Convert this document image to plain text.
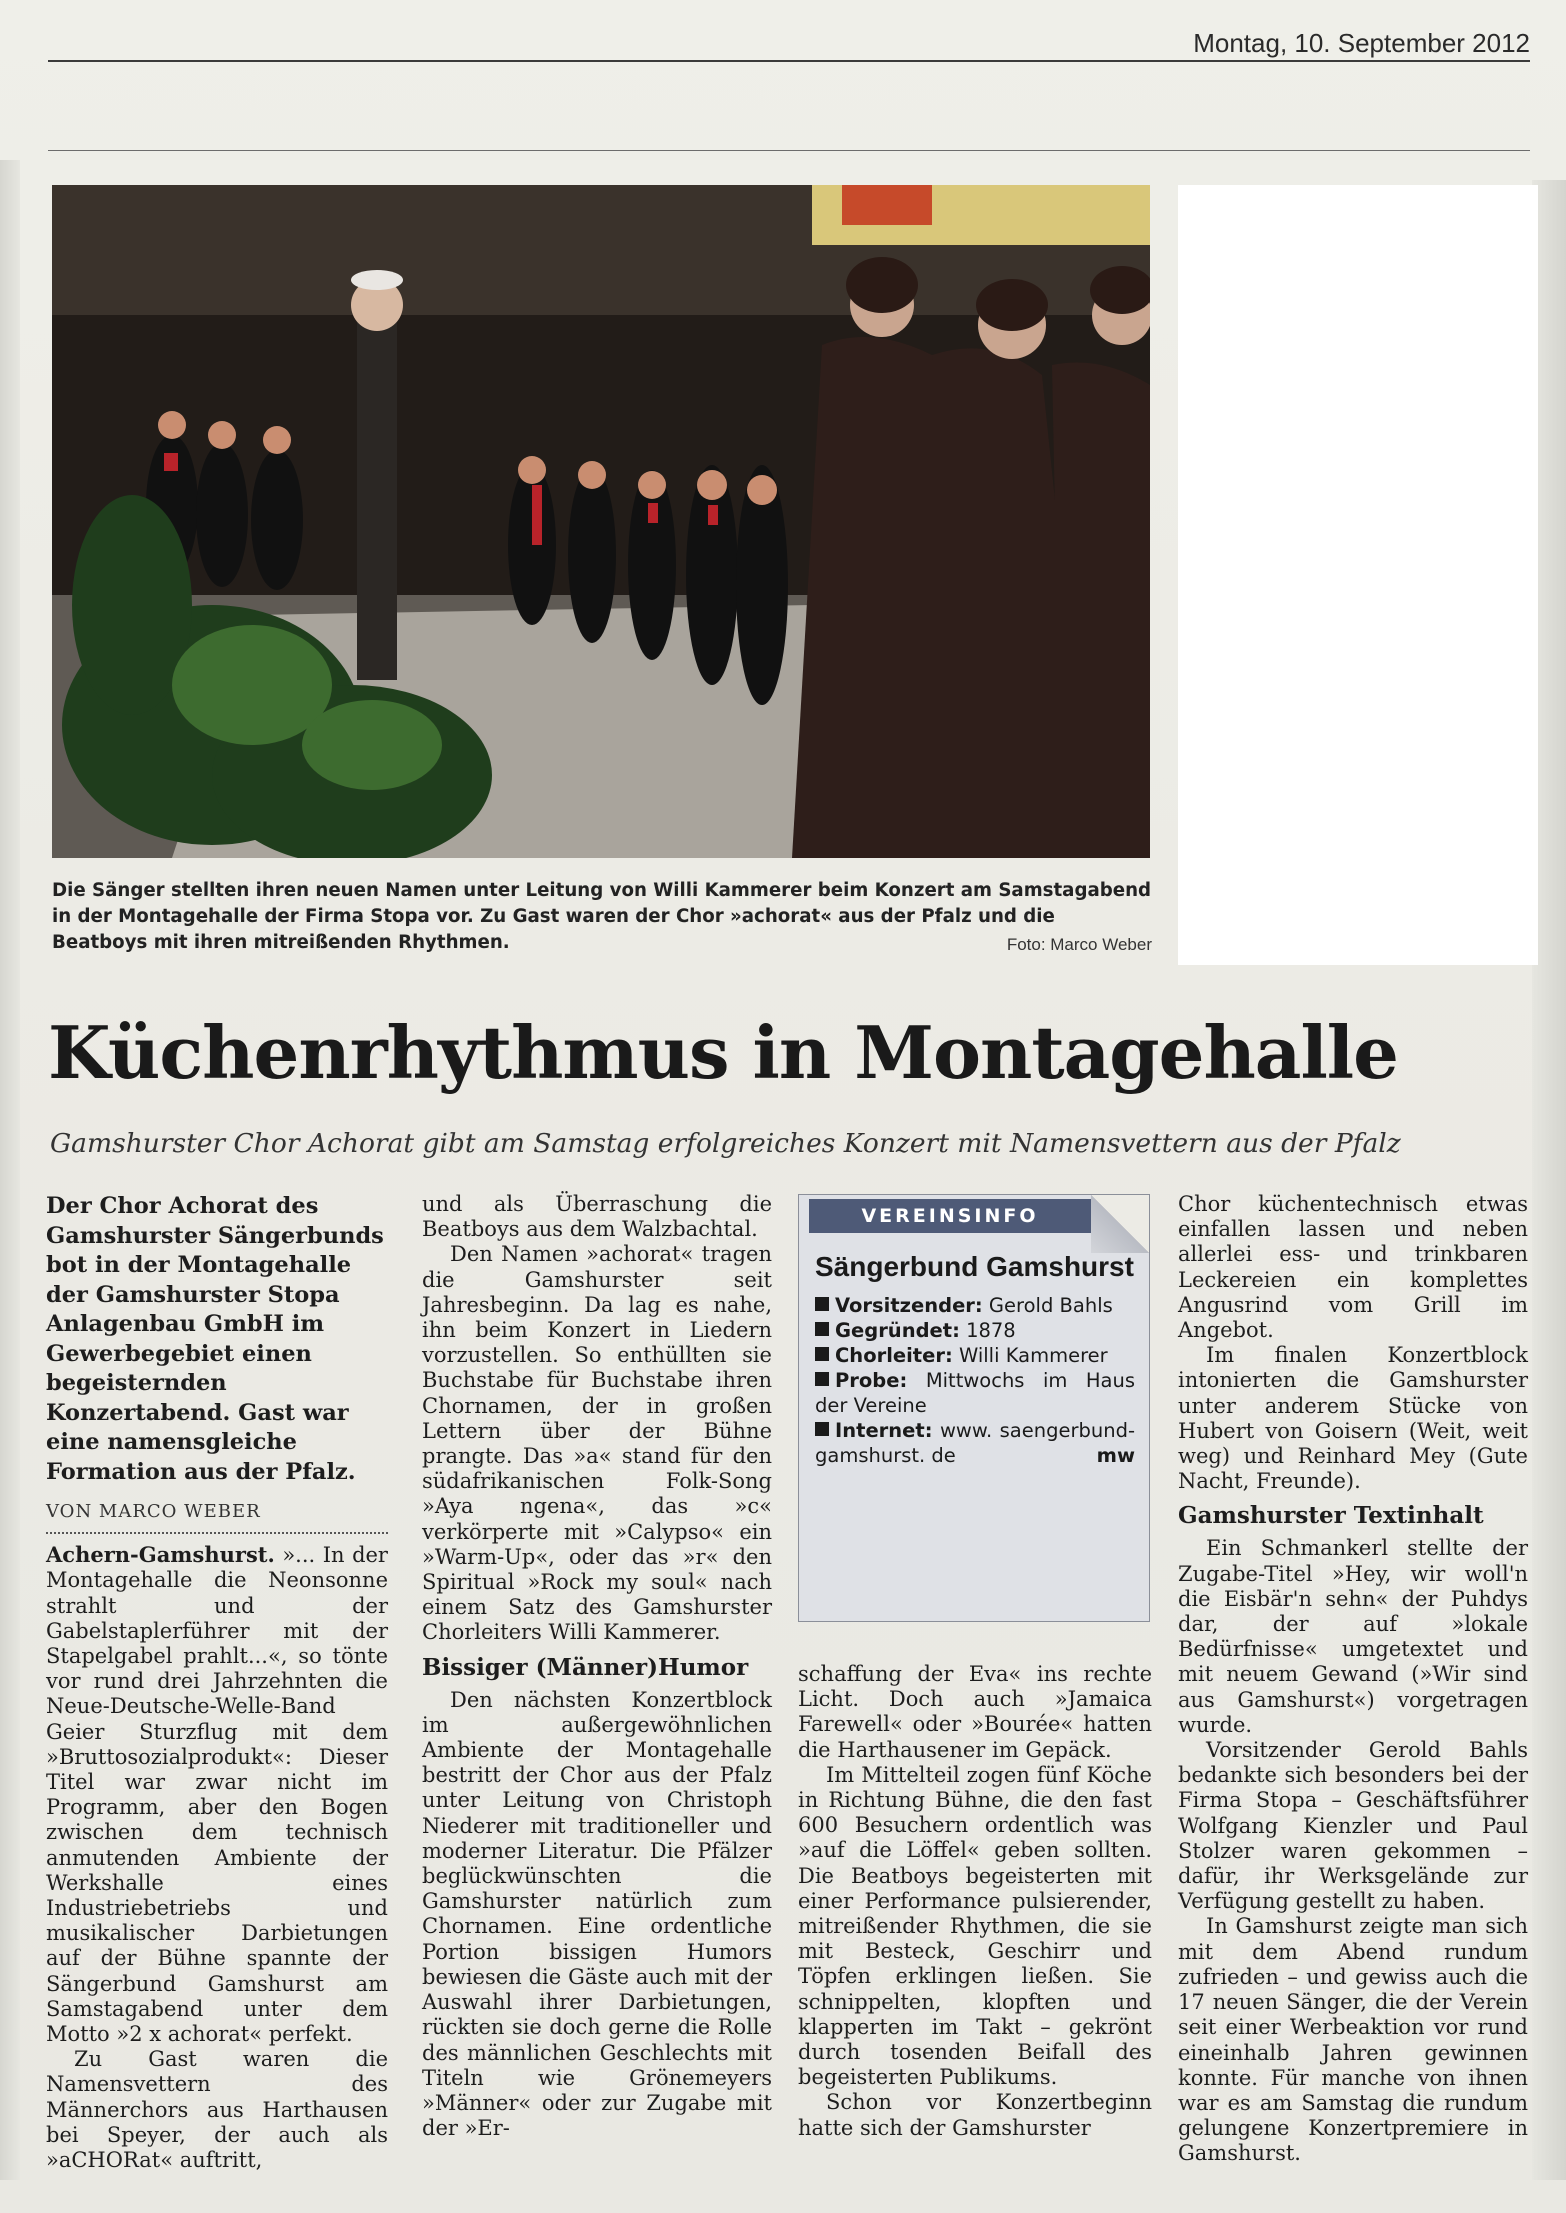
Montag, 10. September 2012
Die Sänger stellten ihren neuen Namen unter Leitung von Willi Kammerer beim Konzert am Samstagabend in der Montagehalle der Firma Stopa vor. Zu Gast waren der Chor »achorat« aus der Pfalz und die Beatboys mit ihren mitreißenden Rhythmen.	Foto: Marco Weber
Küchenrhythmus in Montagehalle
Gamshurster Chor Achorat gibt am Samstag erfolgreiches Konzert mit Namensvettern aus der Pfalz

Der Chor Achorat des Gamshurster Sängerbunds bot in der Montagehalle der Gamshurster Stopa Anlagenbau GmbH im Gewerbegebiet einen begeisternden Konzertabend. Gast war eine namensgleiche Formation aus der Pfalz.

VON MARCO WEBER

Achern-Gamshurst. »... In der Montagehalle die Neonsonne strahlt und der Gabelstaplerführer mit der Stapelgabel prahlt...«, so tönte vor rund drei Jahrzehnten die Neue-Deutsche-Welle-Band Geier Sturzflug mit dem »Bruttosozialprodukt«: Dieser Titel war zwar nicht im Programm, aber den Bogen zwischen dem technisch anmutenden Ambiente der Werkshalle eines Industriebetriebs und musikalischer Darbietungen auf der Bühne spannte der Sängerbund Gamshurst am Samstagabend unter dem Motto »2 x achorat« perfekt.

Zu Gast waren die Namensvettern des Männerchors aus Harthausen bei Speyer, der auch als »aCHORat« auftritt,

und als Überraschung die Beatboys aus dem Walzbachtal.

Den Namen »achorat« tragen die Gamshurster seit Jahresbeginn. Da lag es nahe, ihn beim Konzert in Liedern vorzustellen. So enthüllten sie Buchstabe für Buchstabe ihren Chornamen, der in großen Lettern über der Bühne prangte. Das »a« stand für den südafrikanischen Folk-Song »Aya ngena«, das »c« verkörperte mit »Calypso« ein »Warm-Up«, oder das »r« den Spiritual »Rock my soul« nach einem Satz des Gamshurster Chorleiters Willi Kammerer.

Bissiger (Männer)Humor

Den nächsten Konzertblock im außergewöhnlichen Ambiente der Montagehalle bestritt der Chor aus der Pfalz unter Leitung von Christoph Niederer mit traditioneller und moderner Literatur. Die Pfälzer beglückwünschten die Gamshurster natürlich zum Chornamen. Eine ordentliche Portion bissigen Humors bewiesen die Gäste auch mit der Auswahl ihrer Darbietungen, rückten sie doch gerne die Rolle des männlichen Geschlechts mit Titeln wie Grönemeyers »Männer« oder zur Zugabe mit der »Er-

VEREINSINFO
Sängerbund Gamshurst

Vorsitzender: Gerold Bahls

Gegründet: 1878

Chorleiter: Willi Kammerer

Probe: Mittwochs im Haus der Vereine

Internet: www. saengerbund-gamshurst. de	mw

schaffung der Eva« ins rechte Licht. Doch auch »Jamaica Farewell« oder »Bourée« hatten die Harthausener im Gepäck.

Im Mittelteil zogen fünf Köche in Richtung Bühne, die den fast 600 Besuchern ordentlich was »auf die Löffel« geben sollten. Die Beatboys begeisterten mit einer Performance pulsierender, mitreißender Rhythmen, die sie mit Besteck, Geschirr und Töpfen erklingen ließen. Sie schnippelten, klopften und klapperten im Takt – gekrönt durch tosenden Beifall des begeisterten Publikums.

Schon vor Konzertbeginn hatte sich der Gamshurster

Chor küchentechnisch etwas einfallen lassen und neben allerlei ess- und trinkbaren Leckereien ein komplettes Angusrind vom Grill im Angebot.

Im finalen Konzertblock intonierten die Gamshurster unter anderem Stücke von Hubert von Goisern (Weit, weit weg) und Reinhard Mey (Gute Nacht, Freunde).

Gamshurster Textinhalt

Ein Schmankerl stellte der Zugabe-Titel »Hey, wir woll'n die Eisbär'n sehn« der Puhdys dar, der auf »lokale Bedürfnisse« umgetextet und mit neuem Gewand (»Wir sind aus Gamshurst«) vorgetragen wurde.

Vorsitzender Gerold Bahls bedankte sich besonders bei der Firma Stopa – Geschäftsführer Wolfgang Kienzler und Paul Stolzer waren gekommen – dafür, ihr Werksgelände zur Verfügung gestellt zu haben.

In Gamshurst zeigte man sich mit dem Abend rundum zufrieden – und gewiss auch die 17 neuen Sänger, die der Verein seit einer Werbeaktion vor rund eineinhalb Jahren gewinnen konnte. Für manche von ihnen war es am Samstag die rundum gelungene Konzertpremiere in Gamshurst.
